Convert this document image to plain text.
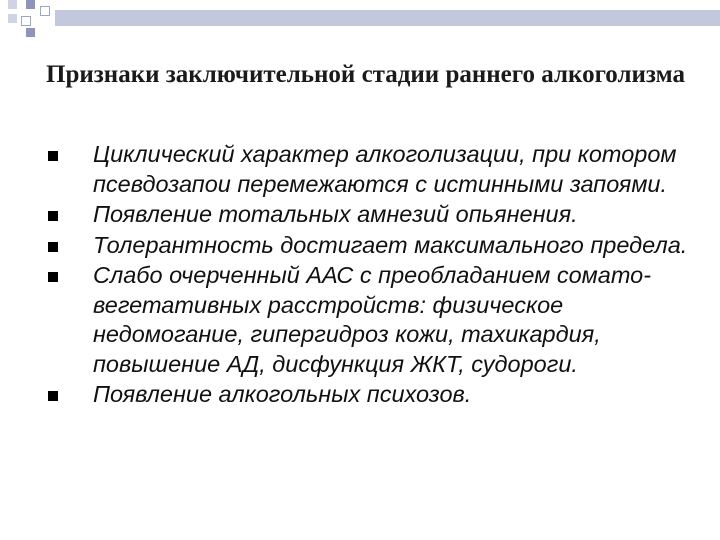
Признаки заключительной стадии раннего алкоголизма
Циклический характер алкоголизации, при котором псевдозапои перемежаются с истинными запоями.
Появление тотальных амнезий опьянения.
Толерантность достигает максимального предела.
Слабо очерченный ААС с преобладанием сомато-вегетативных расстройств: физическое недомогание, гипергидроз кожи, тахикардия, повышение АД, дисфункция ЖКТ, судороги.
Появление алкогольных психозов.
